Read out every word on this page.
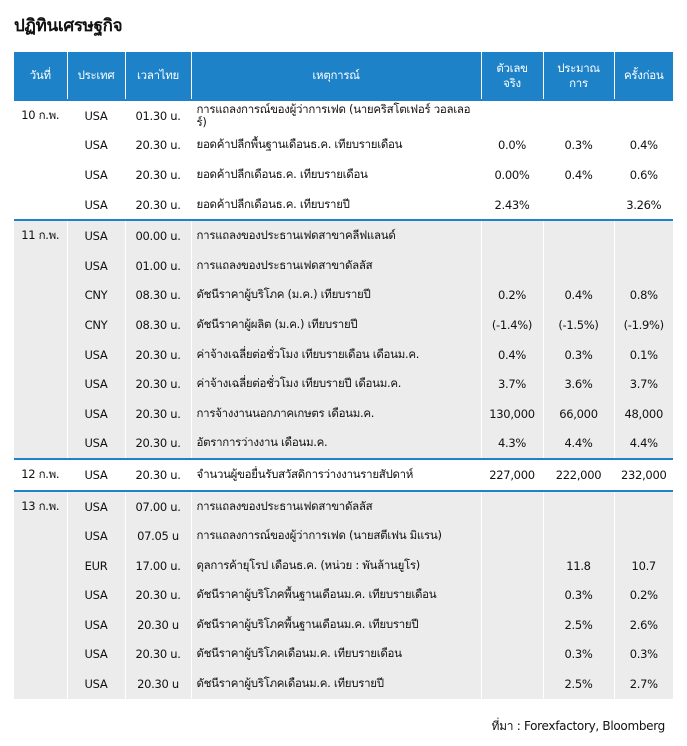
ปฏิทินเศรษฐกิจ
วันที่	ประเทศ	เวลาไทย	เหตุการณ์	ตัวเลขจริง	ประมาณการ	ครั้งก่อน
10 ก.พ.	USA	01.30 u.	การแถลงการณ์ของผู้ว่าการเฟด (นายคริสโตเฟอร์ วอลเลอร์)			
	USA	20.30 u.	ยอดค้าปลีกพื้นฐานเดือนธ.ค. เทียบรายเดือน	0.0%	0.3%	0.4%
	USA	20.30 u.	ยอดค้าปลีกเดือนธ.ค. เทียบรายเดือน	0.00%	0.4%	0.6%
	USA	20.30 u.	ยอดค้าปลีกเดือนธ.ค. เทียบรายปี	2.43%		3.26%
11 ก.พ.	USA	00.00 u.	การแถลงของประธานเฟดสาขาคลีฟแลนด์			
	USA	01.00 u.	การแถลงของประธานเฟดสาขาดัลลัส			
	CNY	08.30 u.	ดัชนีราคาผู้บริโภค (ม.ค.) เทียบรายปี	0.2%	0.4%	0.8%
	CNY	08.30 u.	ดัชนีราคาผู้ผลิต (ม.ค.) เทียบรายปี	(-1.4%)	(-1.5%)	(-1.9%)
	USA	20.30 u.	ค่าจ้างเฉลี่ยต่อชั่วโมง เทียบรายเดือน เดือนม.ค.	0.4%	0.3%	0.1%
	USA	20.30 u.	ค่าจ้างเฉลี่ยต่อชั่วโมง เทียบรายปี เดือนม.ค.	3.7%	3.6%	3.7%
	USA	20.30 u.	การจ้างงานนอกภาคเกษตร เดือนม.ค.	130,000	66,000	48,000
	USA	20.30 u.	อัตราการว่างงาน เดือนม.ค.	4.3%	4.4%	4.4%
12 ก.พ.	USA	20.30 u.	จำนวนผู้ขอยื่นรับสวัสดิการว่างงานรายสัปดาห์	227,000	222,000	232,000
13 ก.พ.	USA	07.00 u.	การแถลงของประธานเฟดสาขาดัลลัส			
	USA	07.05 u	การแถลงการณ์ของผู้ว่าการเฟด (นายสตีเฟน มิแรน)			
	EUR	17.00 u.	ดุลการค้ายุโรป เดือนธ.ค. (หน่วย : พันล้านยูโร)		11.8	10.7
	USA	20.30 u.	ดัชนีราคาผู้บริโภคพื้นฐานเดือนม.ค. เทียบรายเดือน		0.3%	0.2%
	USA	20.30 u	ดัชนีราคาผู้บริโภคพื้นฐานเดือนม.ค. เทียบรายปี		2.5%	2.6%
	USA	20.30 u.	ดัชนีราคาผู้บริโภคเดือนม.ค. เทียบรายเดือน		0.3%	0.3%
	USA	20.30 u	ดัชนีราคาผู้บริโภคเดือนม.ค. เทียบรายปี		2.5%	2.7%
ที่มา : Forexfactory, Bloomberg
